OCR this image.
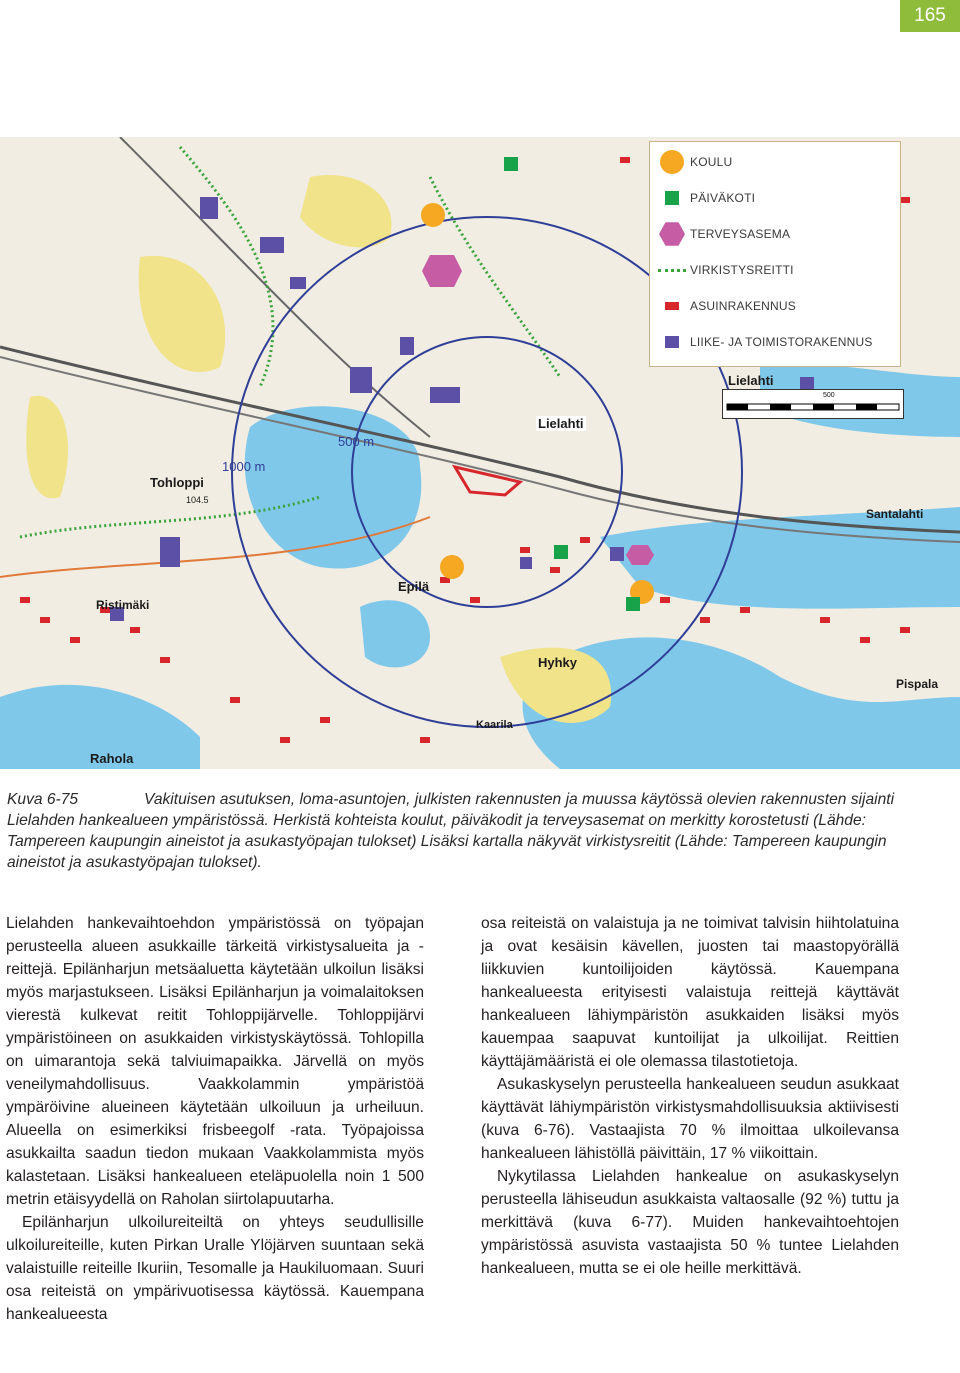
165
KOULU
PÄIVÄKOTI
TERVEYSASEMA
VIRKISTYSREITTI
ASUINRAKENNUS
LIIKE- JA TOIMISTORAKENNUS
500
Lielahti
Lielahti
Tohloppi
104.5
Epilä
Ristimäki
Hyhky
Rahola
Santalahti
Pispala
Kaarila
500 m
1000 m
Kuva 6-75	Vakituisen asutuksen, loma-asuntojen, julkisten rakennusten ja muussa käytössä olevien rakennusten sijainti Lielahden hankealueen ympäristössä. Herkistä kohteista koulut, päiväkodit ja terveysasemat on merkitty korostetusti (Lähde: Tampereen kaupungin aineistot ja asukastyöpajan tulokset) Lisäksi kartalla näkyvät virkistysreitit (Lähde: Tampereen kaupungin aineistot ja asukastyöpajan tulokset).

Lielahden hankevaihtoehdon ympäristössä on työpajan perusteella alueen asukkaille tärkeitä virkistysalueita ja -reittejä. Epilänharjun metsäaluetta käytetään ulkoilun lisäksi myös marjastukseen. Lisäksi Epilänharjun ja voimalaitoksen vierestä kulkevat reitit Tohloppijärvelle. Tohloppijärvi ympäristöineen on asukkaiden virkistyskäytössä. Tohlopilla on uimarantoja sekä talviuimapaikka. Järvellä on myös veneilymahdollisuus. Vaakkolammin ympäristöä ympäröivine alueineen käytetään ulkoiluun ja urheiluun. Alueella on esimerkiksi frisbeegolf -rata. Työpajoissa asukkailta saadun tiedon mukaan Vaakkolammista myös kalastetaan. Lisäksi hankealueen eteläpuolella noin 1 500 metrin etäisyydellä on Raholan siirtolapuutarha.

Epilänharjun ulkoilureiteiltä on yhteys seudullisille ulkoilureiteille, kuten Pirkan Uralle Ylöjärven suuntaan sekä valaistuille reiteille Ikuriin, Tesomalle ja Haukiluomaan. Suuri osa reiteistä on ympärivuotisessa käytössä. Kauempana hankealueesta

osa reiteistä on valaistuja ja ne toimivat talvisin hiihtolatuina ja ovat kesäisin kävellen, juosten tai maastopyörällä liikkuvien kuntoilijoiden käytössä. Kauempana hankealueesta erityisesti valaistuja reittejä käyttävät hankealueen lähiympäristön asukkaiden lisäksi myös kauempaa saapuvat kuntoilijat ja ulkoilijat. Reittien käyttäjämääristä ei ole olemassa tilastotietoja.

Asukaskyselyn perusteella hankealueen seudun asukkaat käyttävät lähiympäristön virkistysmahdollisuuksia aktiivisesti (kuva 6-76). Vastaajista 70 % ilmoittaa ulkoilevansa hankealueen lähistöllä päivittäin, 17 % viikoittain.

Nykytilassa Lielahden hankealue on asukaskyselyn perusteella lähiseudun asukkaista valtaosalle (92 %) tuttu ja merkittävä (kuva 6-77). Muiden hankevaihtoehtojen ympäristössä asuvista vastaajista 50 % tuntee Lielahden hankealueen, mutta se ei ole heille merkittävä.
